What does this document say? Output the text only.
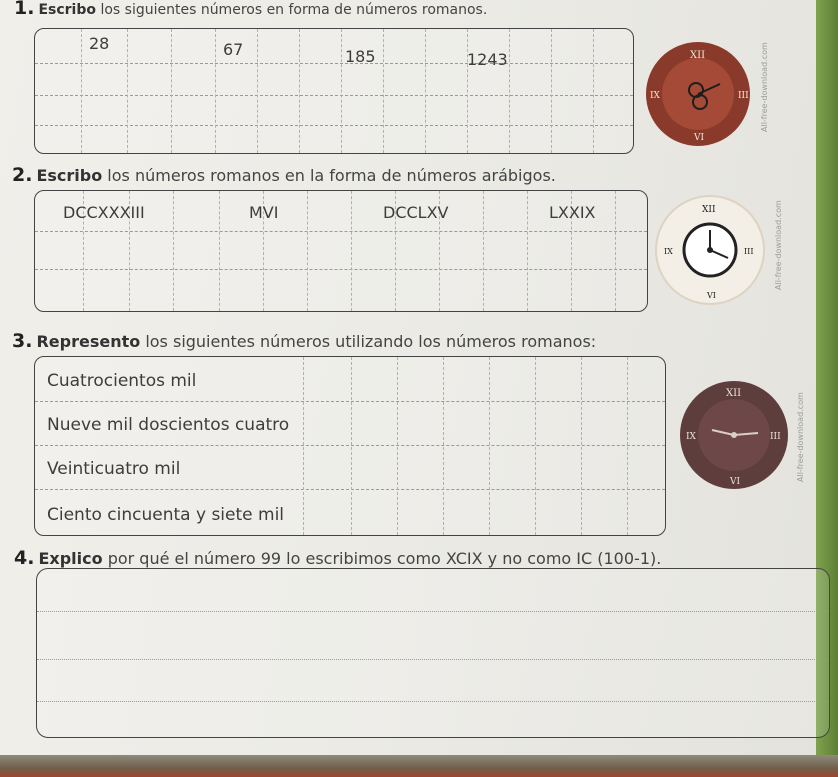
1. Escribo los siguientes números en forma de números romanos.
28	67	185	1243	XII
III
VI
IX	All-free-download.com
2. Escribo los números romanos en la forma de números arábigos.
DCCXXXIII	MVI	DCCLXV	LXXIX	XII
III
VI
IX	All-free-download.com
3. Represento los siguientes números utilizando los números romanos:
Cuatrocientos mil
Nueve mil doscientos cuatro
Veinticuatro mil
Ciento cincuenta y siete mil
XII
III
VI
IX	All-free-download.com
4. Explico por qué el número 99 lo escribimos como XCIX y no como IC (100-1).
